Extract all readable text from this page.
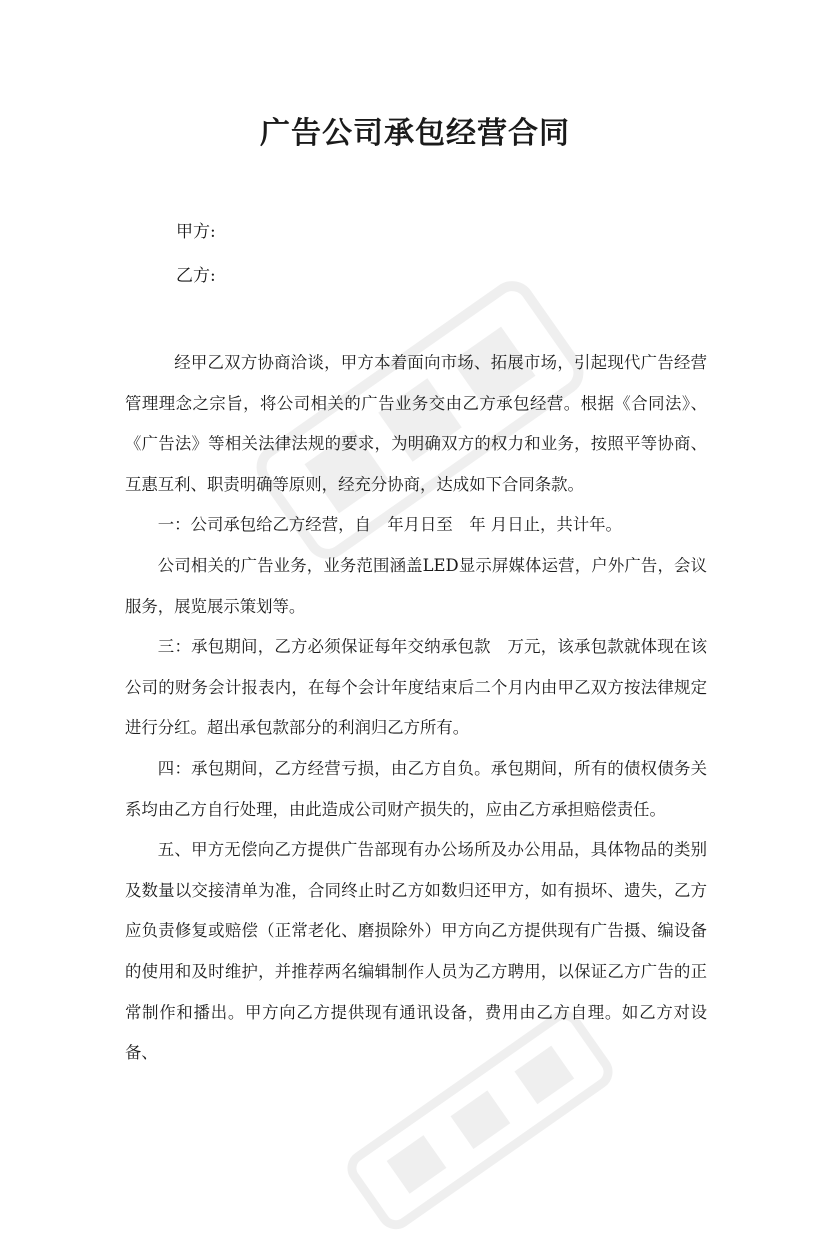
广告公司承包经营合同
甲方:
乙方:

经甲乙双方协商洽谈，甲方本着面向市场、拓展市场，引起现代广告经营管理理念之宗旨，将公司相关的广告业务交由乙方承包经营。根据《合同法》、《广告法》等相关法律法规的要求，为明确双方的权力和业务，按照平等协商、互惠互利、职责明确等原则，经充分协商，达成如下合同条款。

一：公司承包给乙方经营，自　年月日至　年 月日止，共计年。

公司相关的广告业务，业务范围涵盖LED显示屏媒体运营，户外广告，会议服务，展览展示策划等。

三：承包期间，乙方必须保证每年交纳承包款　万元，该承包款就体现在该公司的财务会计报表内，在每个会计年度结束后二个月内由甲乙双方按法律规定进行分红。超出承包款部分的利润归乙方所有。

四：承包期间，乙方经营亏损，由乙方自负。承包期间，所有的债权债务关系均由乙方自行处理，由此造成公司财产损失的，应由乙方承担赔偿责任。

五、甲方无偿向乙方提供广告部现有办公场所及办公用品，具体物品的类别及数量以交接清单为准，合同终止时乙方如数归还甲方，如有损坏、遗失，乙方应负责修复或赔偿（正常老化、磨损除外）甲方向乙方提供现有广告摄、编设备的使用和及时维护，并推荐两名编辑制作人员为乙方聘用，以保证乙方广告的正常制作和播出。甲方向乙方提供现有通讯设备，费用由乙方自理。如乙方对设备、
